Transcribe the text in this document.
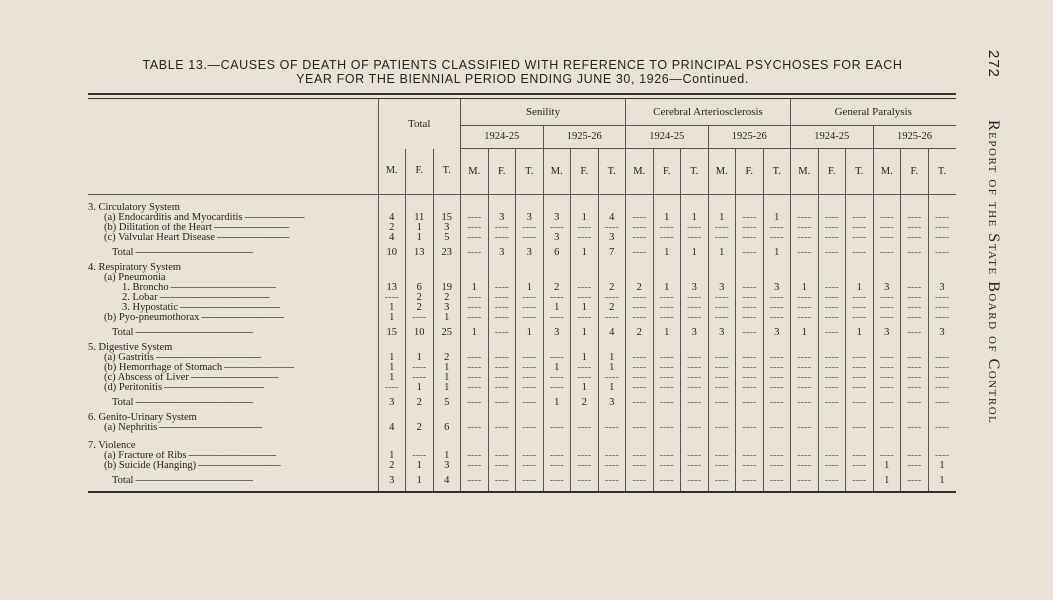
TABLE 13.—CAUSES OF DEATH OF PATIENTS CLASSIFIED WITH REFERENCE TO PRINCIPAL PSYCHOSES FOR EACH
YEAR FOR THE BIENNIAL PERIOD ENDING JUNE 30, 1926—Continued.
272
Report of the State Board of Control

	Total			Senility						Cerebral Arteriosclerosis						General Paralysis					
				1924-25			1925-26			1924-25			1925-26			1924-25			1925-26		
	M.	F.	T.	M.	F.	T.	M.	F.	T.	M.	F.	T.	M.	F.	T.	M.	F.	T.	M.	F.	T.

3. Circulatory System																					
(a) Endocarditis and Myocarditis ------------------------	4	11	15	----	3	3	3	1	4	----	1	1	1	----	1	----	----	----	----	----	----
(b) Dilitation of the Heart ------------------------------	2	1	3	----	----	----	----	----	----	----	----	----	----	----	----	----	----	----	----	----	----
(c) Valvular Heart Disease -----------------------------	4	1	5	----	----	----	3	----	3	----	----	----	----	----	----	----	----	----	----	----	----
Total -----------------------------------------------	10	13	23	----	3	3	6	1	7	----	1	1	1	----	1	----	----	----	----	----	----
4. Respiratory System																					
(a) Pneumonia																					
1. Broncho ------------------------------------------	13	6	19	1	----	1	2	----	2	2	1	3	3	----	3	1	----	1	3	----	3
2. Lobar --------------------------------------------	----	2	2	----	----	----	----	----	----	----	----	----	----	----	----	----	----	----	----	----	----
3. Hypostatic ----------------------------------------	1	2	3	----	----	----	1	1	2	----	----	----	----	----	----	----	----	----	----	----	----
(b) Pyo-pneumothorax ---------------------------------	1	----	1	----	----	----	----	----	----	----	----	----	----	----	----	----	----	----	----	----	----
Total -----------------------------------------------	15	10	25	1	----	1	3	1	4	2	1	3	3	----	3	1	----	1	3	----	3
5. Digestive System																					
(a) Gastritis ------------------------------------------	1	1	2	----	----	----	----	1	1	----	----	----	----	----	----	----	----	----	----	----	----
(b) Hemorrhage of Stomach ----------------------------	1	----	1	----	----	----	1	----	1	----	----	----	----	----	----	----	----	----	----	----	----
(c) Abscess of Liver -----------------------------------	1	----	1	----	----	----	----	----	----	----	----	----	----	----	----	----	----	----	----	----	----
(d) Peritonitis ----------------------------------------	----	1	1	----	----	----	----	1	1	----	----	----	----	----	----	----	----	----	----	----	----
Total -----------------------------------------------	3	2	5	----	----	----	1	2	3	----	----	----	----	----	----	----	----	----	----	----	----
6. Genito-Urinary System																					
(a) Nephritis -----------------------------------------	4	2	6	----	----	----	----	----	----	----	----	----	----	----	----	----	----	----	----	----	----

7. Violence																					
(a) Fracture of Ribs -----------------------------------	1	----	1	----	----	----	----	----	----	----	----	----	----	----	----	----	----	----	----	----	----
(b) Suicide (Hanging) ---------------------------------	2	1	3	----	----	----	----	----	----	----	----	----	----	----	----	----	----	----	1	----	1
Total -----------------------------------------------	3	1	4	----	----	----	----	----	----	----	----	----	----	----	----	----	----	----	1	----	1
